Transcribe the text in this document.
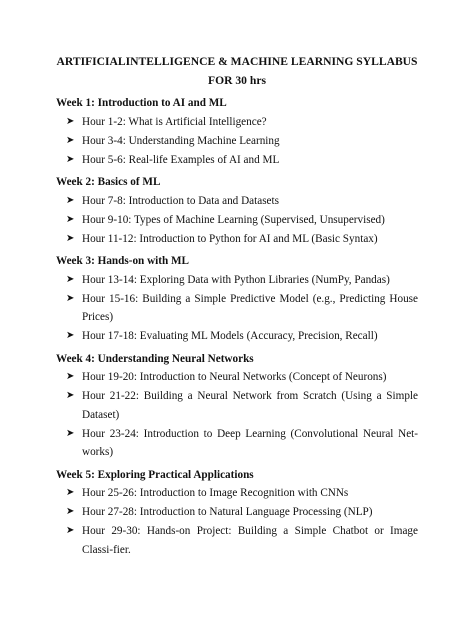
ARTIFICIALINTELLIGENCE & MACHINE LEARNING SYLLABUS
FOR 30 hrs
Week 1: Introduction to AI and ML
➤ Hour 1-2: What is Artificial Intelligence?
➤ Hour 3-4: Understanding Machine Learning
➤ Hour 5-6: Real-life Examples of AI and ML
Week 2: Basics of ML
➤ Hour 7-8: Introduction to Data and Datasets
➤ Hour 9-10: Types of Machine Learning (Supervised, Unsupervised)
➤ Hour 11-12: Introduction to Python for AI and ML (Basic Syntax)
Week 3: Hands-on with ML
➤ Hour 13-14: Exploring Data with Python Libraries (NumPy, Pandas)
➤ Hour 15-16: Building a Simple Predictive Model (e.g., Predicting House Prices)
➤ Hour 17-18: Evaluating ML Models (Accuracy, Precision, Recall)
Week 4: Understanding Neural Networks
➤ Hour 19-20: Introduction to Neural Networks (Concept of Neurons)
➤ Hour 21-22: Building a Neural Network from Scratch (Using a Simple Dataset)
➤ Hour 23-24: Introduction to Deep Learning (Convolutional Neural Net-works)
Week 5: Exploring Practical Applications
➤ Hour 25-26: Introduction to Image Recognition with CNNs
➤ Hour 27-28: Introduction to Natural Language Processing (NLP)
➤ Hour 29-30: Hands-on Project: Building a Simple Chatbot or Image Classi-fier.
